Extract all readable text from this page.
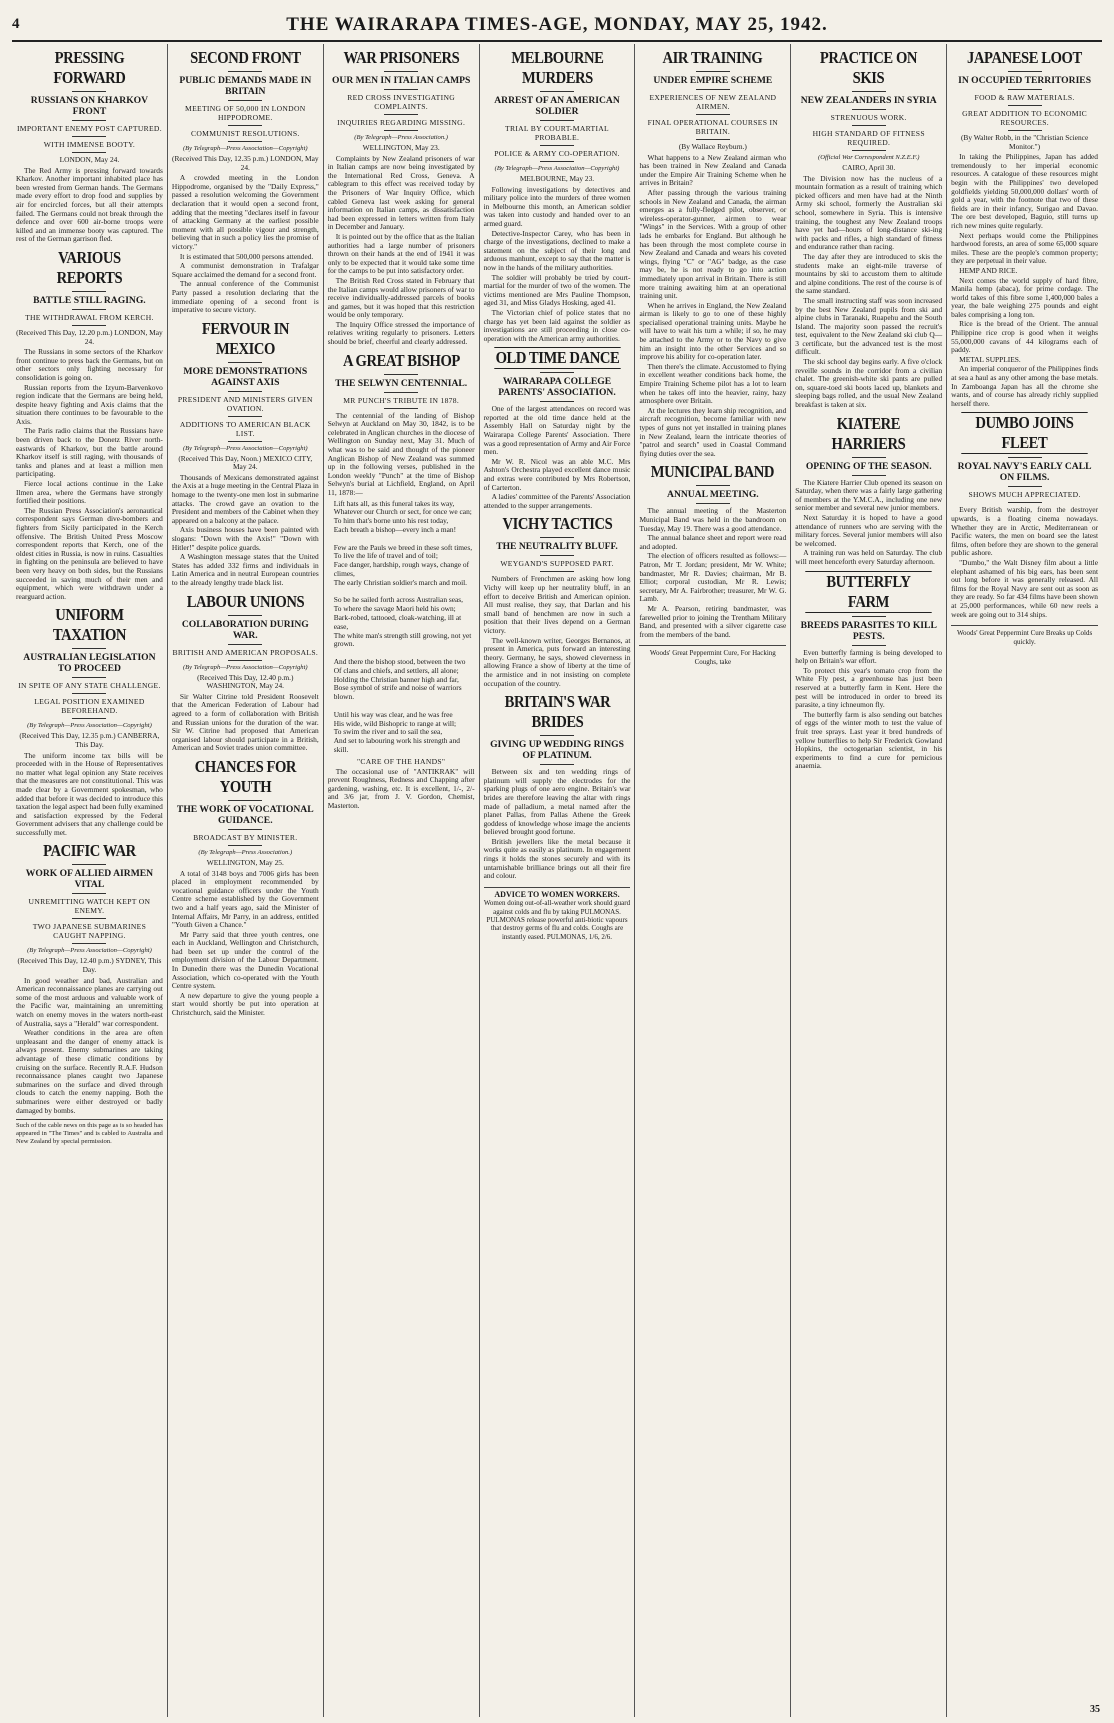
4	THE WAIRARAPA TIMES-AGE, MONDAY, MAY 25, 1942.
PRESSING FORWARD
RUSSIANS ON KHARKOV FRONT
IMPORTANT ENEMY POST CAPTURED.
WITH IMMENSE BOOTY.
LONDON, May 24.

The Red Army is pressing forward towards Kharkov. Another important inhabited place has been wrested from German hands. The Germans made every effort to drop food and supplies by air for encircled forces, but all their attempts failed. The Germans could not break through the defence and over 600 air-borne troops were killed and an immense booty was captured. The rest of the German garrison fled.

VARIOUS REPORTS
BATTLE STILL RAGING.
THE WITHDRAWAL FROM KERCH.
(Received This Day, 12.20 p.m.) LONDON, May 24.

The Russians in some sectors of the Kharkov front continue to press back the Germans, but on other sectors only fighting necessary for consolidation is going on.

Russian reports from the Izyum-Barvenkovo region indicate that the Germans are being held, despite heavy fighting and Axis claims that the situation there continues to be favourable to the Axis.

The Paris radio claims that the Russians have been driven back to the Donetz River north-eastwards of Kharkov, but the battle around Kharkov itself is still raging, with thousands of tanks and planes and at least a million men participating.

Fierce local actions continue in the Lake Ilmen area, where the Germans have strongly fortified their positions.

The Russian Press Association's aeronautical correspondent says German dive-bombers and fighters from Sicily participated in the Kerch offensive. The British United Press Moscow correspondent reports that Kerch, one of the oldest cities in Russia, is now in ruins. Casualties in fighting on the peninsula are believed to have been very heavy on both sides, but the Russians succeeded in saving much of their men and equipment, which were withdrawn under a rearguard action.

UNIFORM TAXATION
AUSTRALIAN LEGISLATION TO PROCEED
IN SPITE OF ANY STATE CHALLENGE.
LEGAL POSITION EXAMINED BEFOREHAND.
(By Telegraph—Press Association—Copyright)
(Received This Day, 12.35 p.m.) CANBERRA, This Day.

The uniform income tax bills will be proceeded with in the House of Representatives no matter what legal opinion any State receives that the measures are not constitutional. This was made clear by a Government spokesman, who added that before it was decided to introduce this taxation the legal aspect had been fully examined and satisfaction expressed by the Federal Government advisers that any challenge could be successfully met.

PACIFIC WAR
WORK OF ALLIED AIRMEN VITAL
UNREMITTING WATCH KEPT ON ENEMY.
TWO JAPANESE SUBMARINES CAUGHT NAPPING.
(By Telegraph—Press Association—Copyright)
(Received This Day, 12.40 p.m.) SYDNEY, This Day.

In good weather and bad, Australian and American reconnaissance planes are carrying out some of the most arduous and valuable work of the Pacific war, maintaining an unremitting watch on enemy moves in the waters north-east of Australia, says a "Herald" war correspondent.

Weather conditions in the area are often unpleasant and the danger of enemy attack is always present. Enemy submarines are taking advantage of these climatic conditions by cruising on the surface. Recently R.A.F. Hudson reconnaissance planes caught two Japanese submarines on the surface and dived through clouds to catch the enemy napping. Both the submarines were either destroyed or badly damaged by bombs.

Such of the cable news on this page as is so headed has appeared in "The Times" and is cabled to Australia and New Zealand by special permission.
SECOND FRONT
PUBLIC DEMANDS MADE IN BRITAIN
MEETING OF 50,000 IN LONDON HIPPODROME.
COMMUNIST RESOLUTIONS.
(By Telegraph—Press Association—Copyright)
(Received This Day, 12.35 p.m.) LONDON, May 24.

A crowded meeting in the London Hippodrome, organised by the "Daily Express," passed a resolution welcoming the Government declaration that it would open a second front, adding that the meeting "declares itself in favour of attacking Germany at the earliest possible moment with all possible vigour and strength, believing that in such a policy lies the promise of victory."

It is estimated that 500,000 persons attended.

A communist demonstration in Trafalgar Square acclaimed the demand for a second front.

The annual conference of the Communist Party passed a resolution declaring that the immediate opening of a second front is imperative to secure victory.

FERVOUR IN MEXICO
MORE DEMONSTRATIONS AGAINST AXIS
PRESIDENT AND MINISTERS GIVEN OVATION.
ADDITIONS TO AMERICAN BLACK LIST.
(By Telegraph—Press Association—Copyright)
(Received This Day, Noon.) MEXICO CITY, May 24.

Thousands of Mexicans demonstrated against the Axis at a huge meeting in the Central Plaza in homage to the twenty-one men lost in submarine attacks. The crowd gave an ovation to the President and members of the Cabinet when they appeared on a balcony at the palace.

Axis business houses have been painted with slogans: "Down with the Axis!" "Down with Hitler!" despite police guards.

A Washington message states that the United States has added 332 firms and individuals in Latin America and in neutral European countries to the already lengthy trade black list.

LABOUR UNIONS
COLLABORATION DURING WAR.
BRITISH AND AMERICAN PROPOSALS.
(By Telegraph—Press Association—Copyright)
(Received This Day, 12.40 p.m.) WASHINGTON, May 24.

Sir Walter Citrine told President Roosevelt that the American Federation of Labour had agreed to a form of collaboration with British and Russian unions for the duration of the war. Sir W. Citrine had proposed that American organised labour should participate in a British, American and Soviet trades union committee.

CHANCES FOR YOUTH
THE WORK OF VOCATIONAL GUIDANCE.
BROADCAST BY MINISTER.
(By Telegraph—Press Association.)
WELLINGTON, May 25.

A total of 3148 boys and 7006 girls has been placed in employment recommended by vocational guidance officers under the Youth Centre scheme established by the Government two and a half years ago, said the Minister of Internal Affairs, Mr Parry, in an address, entitled "Youth Given a Chance."

Mr Parry said that three youth centres, one each in Auckland, Wellington and Christchurch, had been set up under the control of the employment division of the Labour Department. In Dunedin there was the Dunedin Vocational Association, which co-operated with the Youth Centre system.

A new departure to give the young people a start would shortly be put into operation at Christchurch, said the Minister.

WAR PRISONERS
OUR MEN IN ITALIAN CAMPS
RED CROSS INVESTIGATING COMPLAINTS.
INQUIRIES REGARDING MISSING.
(By Telegraph—Press Association.)
WELLINGTON, May 23.

Complaints by New Zealand prisoners of war in Italian camps are now being investigated by the International Red Cross, Geneva. A cablegram to this effect was received today by the Prisoners of War Inquiry Office, which cabled Geneva last week asking for general information on Italian camps, as dissatisfaction had been expressed in letters written from Italy in December and January.

It is pointed out by the office that as the Italian authorities had a large number of prisoners thrown on their hands at the end of 1941 it was only to be expected that it would take some time for the camps to be put into satisfactory order.

The British Red Cross stated in February that the Italian camps would allow prisoners of war to receive individually-addressed parcels of books and games, but it was hoped that this restriction would be only temporary.

The Inquiry Office stressed the importance of relatives writing regularly to prisoners. Letters should be brief, cheerful and clearly addressed.

A GREAT BISHOP
THE SELWYN CENTENNIAL.
MR PUNCH'S TRIBUTE IN 1878.

The centennial of the landing of Bishop Selwyn at Auckland on May 30, 1842, is to be celebrated in Anglican churches in the diocese of Wellington on Sunday next, May 31. Much of what was to be said and thought of the pioneer Anglican Bishop of New Zealand was summed up in the following verses, published in the London weekly "Punch" at the time of Bishop Selwyn's burial at Lichfield, England, on April 11, 1878:—

Lift hats all, as this funeral takes its way,
Whatever our Church or sect, for once we can;
To him that's borne unto his rest today,
Each breath a bishop—every inch a man!

Few are the Pauls we breed in these soft times,
To live the life of travel and of toil;
Face danger, hardship, rough ways, change of climes,
The early Christian soldier's march and moil.

So be he sailed forth across Australian seas,
To where the savage Maori held his own;
Bark-robed, tattooed, cloak-watching, ill at ease,
The white man's strength still growing, not yet grown.

And there the bishop stood, between the two
Of clans and chiefs, and settlers, all alone;
Holding the Christian banner high and far,
Bose symbol of strife and noise of warriors blown.

Until his way was clear, and he was free
His wide, wild Bishopric to range at will;
To swim the river and to sail the sea,
And set to labouring work his strength and skill.
"CARE OF THE HANDS"

The occasional use of "ANTIKRAK" will prevent Roughness, Redness and Chapping after gardening, washing, etc. It is excellent, 1/-, 2/- and 3/6 jar, from J. V. Gordon, Chemist, Masterton.

MELBOURNE MURDERS
ARREST OF AN AMERICAN SOLDIER
TRIAL BY COURT-MARTIAL PROBABLE.
POLICE & ARMY CO-OPERATION.
(By Telegraph—Press Association—Copyright)
MELBOURNE, May 23.

Following investigations by detectives and military police into the murders of three women in Melbourne this month, an American soldier was taken into custody and handed over to an armed guard.

Detective-Inspector Carey, who has been in charge of the investigations, declined to make a statement on the subject of their long and arduous manhunt, except to say that the matter is now in the hands of the military authorities.

The soldier will probably be tried by court-martial for the murder of two of the women. The victims mentioned are Mrs Pauline Thompson, aged 31, and Miss Gladys Hosking, aged 41.

The Victorian chief of police states that no charge has yet been laid against the soldier as investigations are still proceeding in close co-operation with the American army authorities.

OLD TIME DANCE
WAIRARAPA COLLEGE PARENTS' ASSOCIATION.

One of the largest attendances on record was reported at the old time dance held at the Assembly Hall on Saturday night by the Wairarapa College Parents' Association. There was a good representation of Army and Air Force men.

Mr W. R. Nicol was an able M.C. Mrs Ashton's Orchestra played excellent dance music and extras were contributed by Mrs Robertson, of Carterton.

A ladies' committee of the Parents' Association attended to the supper arrangements.

VICHY TACTICS
THE NEUTRALITY BLUFF.
WEYGAND'S SUPPOSED PART.

Numbers of Frenchmen are asking how long Vichy will keep up her neutrality bluff, in an effort to deceive British and American opinion. All must realise, they say, that Darlan and his small band of henchmen are now in such a position that their lives depend on a German victory.

The well-known writer, Georges Bernanos, at present in America, puts forward an interesting theory. Germany, he says, showed cleverness in allowing France a show of liberty at the time of the armistice and in not insisting on complete occupation of the country.

BRITAIN'S WAR BRIDES
GIVING UP WEDDING RINGS OF PLATINUM.

Between six and ten wedding rings of platinum will supply the electrodes for the sparking plugs of one aero engine. Britain's war brides are therefore leaving the altar with rings made of palladium, a metal named after the planet Pallas, from Pallas Athene the Greek goddess of knowledge whose image the ancients believed brought good fortune.

British jewellers like the metal because it works quite as easily as platinum. In engagement rings it holds the stones securely and with its untarnishable brilliance brings out all their fire and colour.

ADVICE TO WOMEN WORKERS.
Women doing out-of-all-weather work should guard against colds and flu by taking PULMONAS. PULMONAS release powerful anti-biotic vapours that destroy germs of flu and colds. Coughs are instantly eased. PULMONAS, 1/6, 2/6.
AIR TRAINING
UNDER EMPIRE SCHEME
EXPERIENCES OF NEW ZEALAND AIRMEN.
FINAL OPERATIONAL COURSES IN BRITAIN.
(By Wallace Reyburn.)

What happens to a New Zealand airman who has been trained in New Zealand and Canada under the Empire Air Training Scheme when he arrives in Britain?

After passing through the various training schools in New Zealand and Canada, the airman emerges as a fully-fledged pilot, observer, or wireless-operator-gunner, airmen to wear "Wings" in the Services. With a group of other lads he embarks for England. But although he has been through the most complete course in New Zealand and Canada and wears his coveted wings, flying "C" or "AG" badge, as the case may be, he is not ready to go into action immediately upon arrival in Britain. There is still more training awaiting him at an operational training unit.

When he arrives in England, the New Zealand airman is likely to go to one of these highly specialised operational training units. Maybe he will have to wait his turn a while; if so, he may be attached to the Army or to the Navy to give him an insight into the other Services and so improve his ability for co-operation later.

Then there's the climate. Accustomed to flying in excellent weather conditions back home, the Empire Training Scheme pilot has a lot to learn when he takes off into the heavier, rainy, hazy atmosphere over Britain.

At the lectures they learn ship recognition, and aircraft recognition, become familiar with new types of guns not yet installed in training planes in New Zealand, learn the intricate theories of "patrol and search" used in Coastal Command flying duties over the sea.

MUNICIPAL BAND
ANNUAL MEETING.

The annual meeting of the Masterton Municipal Band was held in the bandroom on Tuesday, May 19. There was a good attendance.

The annual balance sheet and report were read and adopted.

The election of officers resulted as follows:—Patron, Mr T. Jordan; president, Mr W. White; bandmaster, Mr R. Davies; chairman, Mr B. Elliot; corporal custodian, Mr R. Lewis; secretary, Mr A. Fairbrother; treasurer, Mr W. G. Lamb.

Mr A. Pearson, retiring bandmaster, was farewelled prior to joining the Trentham Military Band, and presented with a silver cigarette case from the members of the band.

Woods' Great Peppermint Cure, For Hacking Coughs, take
PRACTICE ON SKIS
NEW ZEALANDERS IN SYRIA
STRENUOUS WORK.
HIGH STANDARD OF FITNESS REQUIRED.
(Official War Correspondent N.Z.E.F.)
CAIRO, April 30.

The Division now has the nucleus of a mountain formation as a result of training which picked officers and men have had at the Ninth Army ski school, formerly the Australian ski school, somewhere in Syria. This is intensive training, the toughest any New Zealand troops have yet had—hours of long-distance ski-ing with packs and rifles, a high standard of fitness and endurance rather than racing.

The day after they are introduced to skis the students make an eight-mile traverse of mountains by ski to accustom them to altitude and alpine conditions. The rest of the course is of the same standard.

The small instructing staff was soon increased by the best New Zealand pupils from ski and alpine clubs in Taranaki, Ruapehu and the South Island. The majority soon passed the recruit's test, equivalent to the New Zealand ski club Q—3 certificate, but the advanced test is the most difficult.

The ski school day begins early. A five o'clock reveille sounds in the corridor from a civilian chalet. The greenish-white ski pants are pulled on, square-toed ski boots laced up, blankets and sleeping bags rolled, and the usual New Zealand breakfast is taken at six.

KIATERE HARRIERS
OPENING OF THE SEASON.

The Kiatere Harrier Club opened its season on Saturday, when there was a fairly large gathering of members at the Y.M.C.A., including one new senior member and several new junior members.

Next Saturday it is hoped to have a good attendance of runners who are serving with the military forces. Several junior members will also be welcomed.

A training run was held on Saturday. The club will meet henceforth every Saturday afternoon.

BUTTERFLY FARM
BREEDS PARASITES TO KILL PESTS.

Even butterfly farming is being developed to help on Britain's war effort.

To protect this year's tomato crop from the White Fly pest, a greenhouse has just been reserved at a butterfly farm in Kent. Here the pest will be introduced in order to breed its parasite, a tiny ichneumon fly.

The butterfly farm is also sending out batches of eggs of the winter moth to test the value of fruit tree sprays. Last year it bred hundreds of yellow butterflies to help Sir Frederick Gowland Hopkins, the octogenarian scientist, in his experiments to find a cure for pernicious anaemia.

JAPANESE LOOT
IN OCCUPIED TERRITORIES
FOOD & RAW MATERIALS.
GREAT ADDITION TO ECONOMIC RESOURCES.
(By Walter Robb, in the "Christian Science Monitor.")

In taking the Philippines, Japan has added tremendously to her imperial economic resources. A catalogue of these resources might begin with the Philippines' two developed goldfields yielding 50,000,000 dollars' worth of gold a year, with the footnote that two of these fields are in their infancy, Surigao and Davao. The ore best developed, Baguio, still turns up rich new mines quite regularly.

Next perhaps would come the Philippines hardwood forests, an area of some 65,000 square miles. These are the people's common property; they are perpetual in their value.

HEMP AND RICE.

Next comes the world supply of hard fibre, Manila hemp (abaca), for prime cordage. The world takes of this fibre some 1,400,000 bales a year, the bale weighing 275 pounds and eight bales comprising a long ton.

Rice is the bread of the Orient. The annual Philippine rice crop is good when it weighs 55,000,000 cavans of 44 kilograms each of paddy.

METAL SUPPLIES.

An imperial conqueror of the Philippines finds at sea a haul as any other among the base metals. In Zamboanga Japan has all the chrome she wants, and of course has already richly supplied herself there.

DUMBO JOINS FLEET
ROYAL NAVY'S EARLY CALL ON FILMS.
SHOWS MUCH APPRECIATED.

Every British warship, from the destroyer upwards, is a floating cinema nowadays. Whether they are in Arctic, Mediterranean or Pacific waters, the men on board see the latest films, often before they are shown to the general public ashore.

"Dumbo," the Walt Disney film about a little elephant ashamed of his big ears, has been sent out long before it was generally released. All films for the Royal Navy are sent out as soon as they are ready. So far 434 films have been shown at 25,000 performances, while 60 new reels a week are going out to 314 ships.

Woods' Great Peppermint Cure Breaks up Colds quickly.
35
